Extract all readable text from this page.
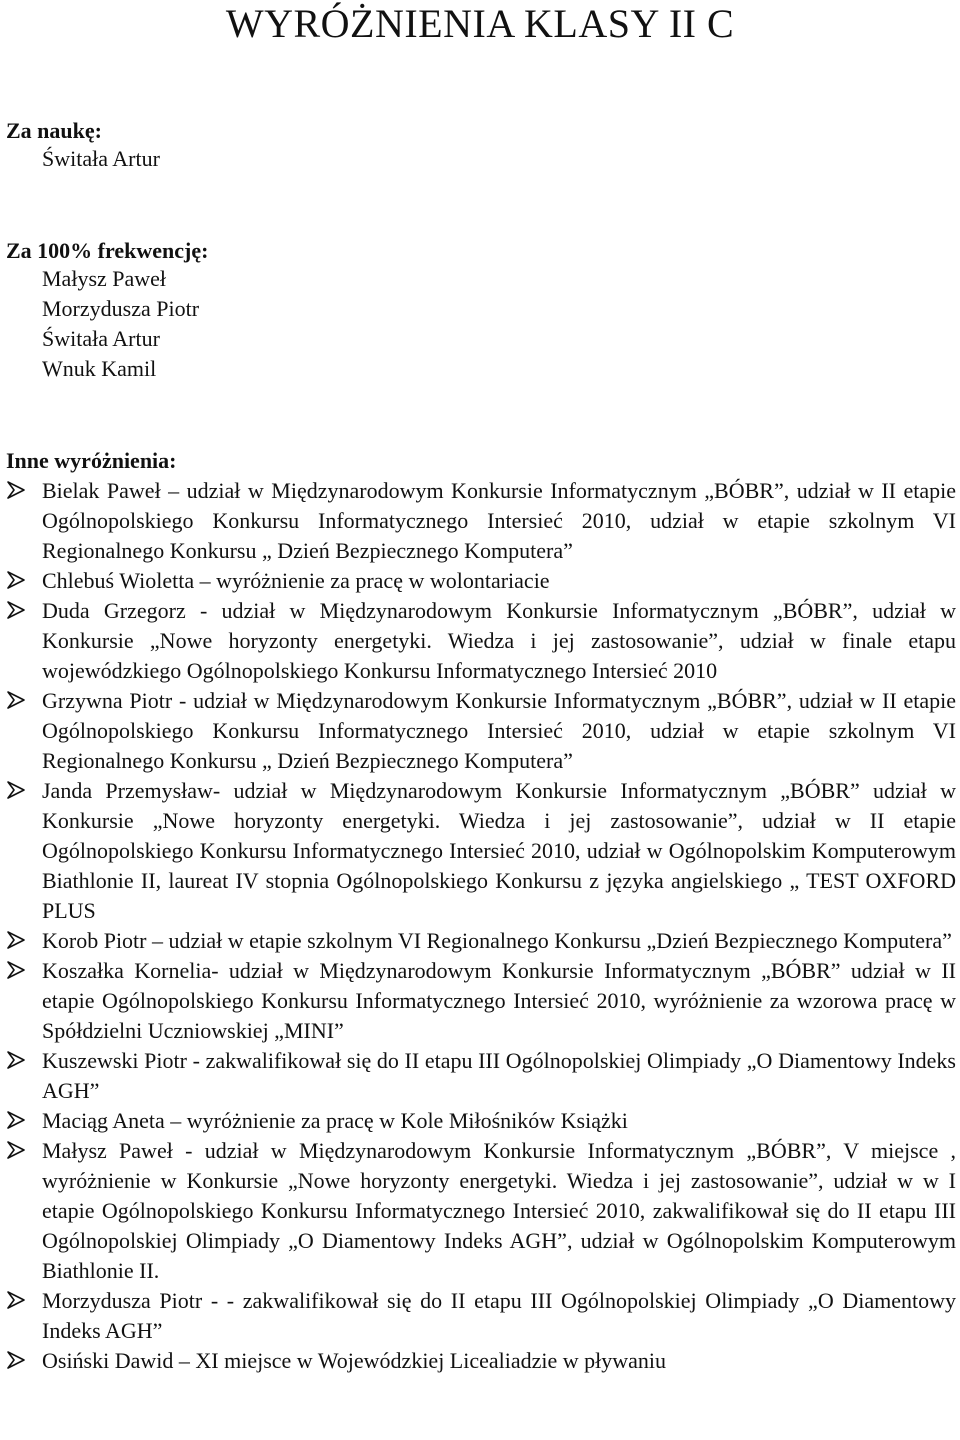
WYRÓŻNIENIA KLASY II C
Za naukę:
Świtała Artur
Za 100% frekwencję:
Małysz Paweł
Morzydusza Piotr
Świtała Artur
Wnuk Kamil
Inne wyróżnienia:
Bielak Paweł – udział w Międzynarodowym Konkursie Informatycznym „BÓBR”, udział w II etapie Ogólnopolskiego Konkursu Informatycznego Intersieć 2010, udział w etapie szkolnym VI Regionalnego Konkursu „ Dzień Bezpiecznego Komputera”
Chlebuś Wioletta – wyróżnienie za pracę w wolontariacie
Duda Grzegorz - udział w Międzynarodowym Konkursie Informatycznym „BÓBR”, udział w Konkursie „Nowe horyzonty energetyki. Wiedza i jej zastosowanie”, udział w finale etapu wojewódzkiego Ogólnopolskiego Konkursu Informatycznego Intersieć 2010
Grzywna Piotr - udział w Międzynarodowym Konkursie Informatycznym „BÓBR”, udział w II etapie Ogólnopolskiego Konkursu Informatycznego Intersieć 2010, udział w etapie szkolnym VI Regionalnego Konkursu „ Dzień Bezpiecznego Komputera”
Janda Przemysław- udział w Międzynarodowym Konkursie Informatycznym „BÓBR” udział w Konkursie „Nowe horyzonty energetyki. Wiedza i jej zastosowanie”, udział w II etapie Ogólnopolskiego Konkursu Informatycznego Intersieć 2010, udział w Ogólnopolskim Komputerowym Biathlonie II, laureat IV stopnia Ogólnopolskiego Konkursu z języka angielskiego „ TEST OXFORD PLUS
Korob Piotr – udział w etapie szkolnym VI Regionalnego Konkursu „Dzień Bezpiecznego Komputera”
Koszałka Kornelia- udział w Międzynarodowym Konkursie Informatycznym „BÓBR” udział w II etapie Ogólnopolskiego Konkursu Informatycznego Intersieć 2010, wyróżnienie za wzorowa pracę w Spółdzielni Uczniowskiej „MINI”
Kuszewski Piotr - zakwalifikował się do II etapu III Ogólnopolskiej Olimpiady „O Diamentowy Indeks AGH”
Maciąg Aneta – wyróżnienie za pracę w Kole Miłośników Książki
Małysz Paweł - udział w Międzynarodowym Konkursie Informatycznym „BÓBR”, V miejsce , wyróżnienie w Konkursie „Nowe horyzonty energetyki. Wiedza i jej zastosowanie”, udział w w I etapie Ogólnopolskiego Konkursu Informatycznego Intersieć 2010, zakwalifikował się do II etapu III Ogólnopolskiej Olimpiady „O Diamentowy Indeks AGH”, udział w Ogólnopolskim Komputerowym Biathlonie II.
Morzydusza Piotr - - zakwalifikował się do II etapu III Ogólnopolskiej Olimpiady „O Diamentowy Indeks AGH”
Osiński Dawid – XI miejsce w Wojewódzkiej Licealiadzie w pływaniu
